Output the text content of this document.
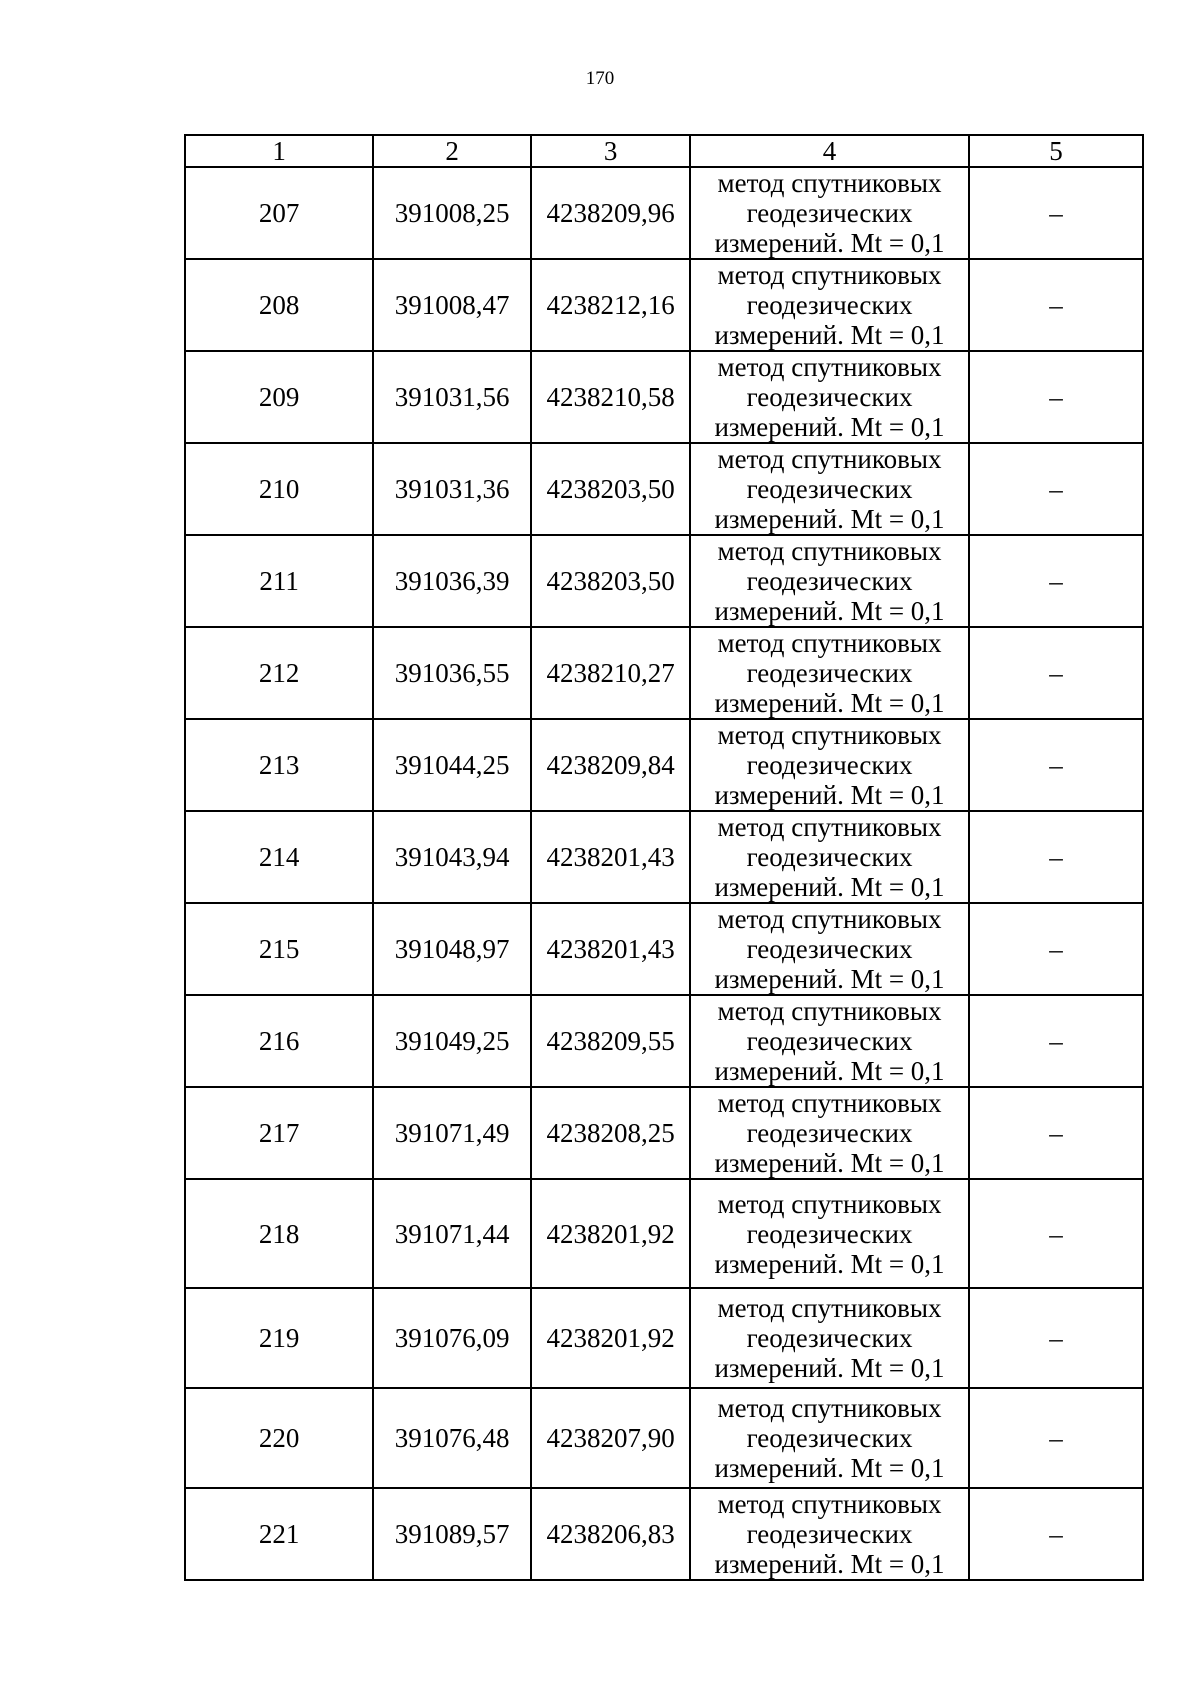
170
1	2	3	4	5
207	391008,25	4238209,96	метод спутниковых
геодезических
измерений. Mt = 0,1	–
208	391008,47	4238212,16	метод спутниковых
геодезических
измерений. Mt = 0,1	–
209	391031,56	4238210,58	метод спутниковых
геодезических
измерений. Mt = 0,1	–
210	391031,36	4238203,50	метод спутниковых
геодезических
измерений. Mt = 0,1	–
211	391036,39	4238203,50	метод спутниковых
геодезических
измерений. Mt = 0,1	–
212	391036,55	4238210,27	метод спутниковых
геодезических
измерений. Mt = 0,1	–
213	391044,25	4238209,84	метод спутниковых
геодезических
измерений. Mt = 0,1	–
214	391043,94	4238201,43	метод спутниковых
геодезических
измерений. Mt = 0,1	–
215	391048,97	4238201,43	метод спутниковых
геодезических
измерений. Mt = 0,1	–
216	391049,25	4238209,55	метод спутниковых
геодезических
измерений. Mt = 0,1	–
217	391071,49	4238208,25	метод спутниковых
геодезических
измерений. Mt = 0,1	–
218	391071,44	4238201,92	метод спутниковых
геодезических
измерений. Mt = 0,1	–
219	391076,09	4238201,92	метод спутниковых
геодезических
измерений. Mt = 0,1	–
220	391076,48	4238207,90	метод спутниковых
геодезических
измерений. Mt = 0,1	–
221	391089,57	4238206,83	метод спутниковых
геодезических
измерений. Mt = 0,1	–
